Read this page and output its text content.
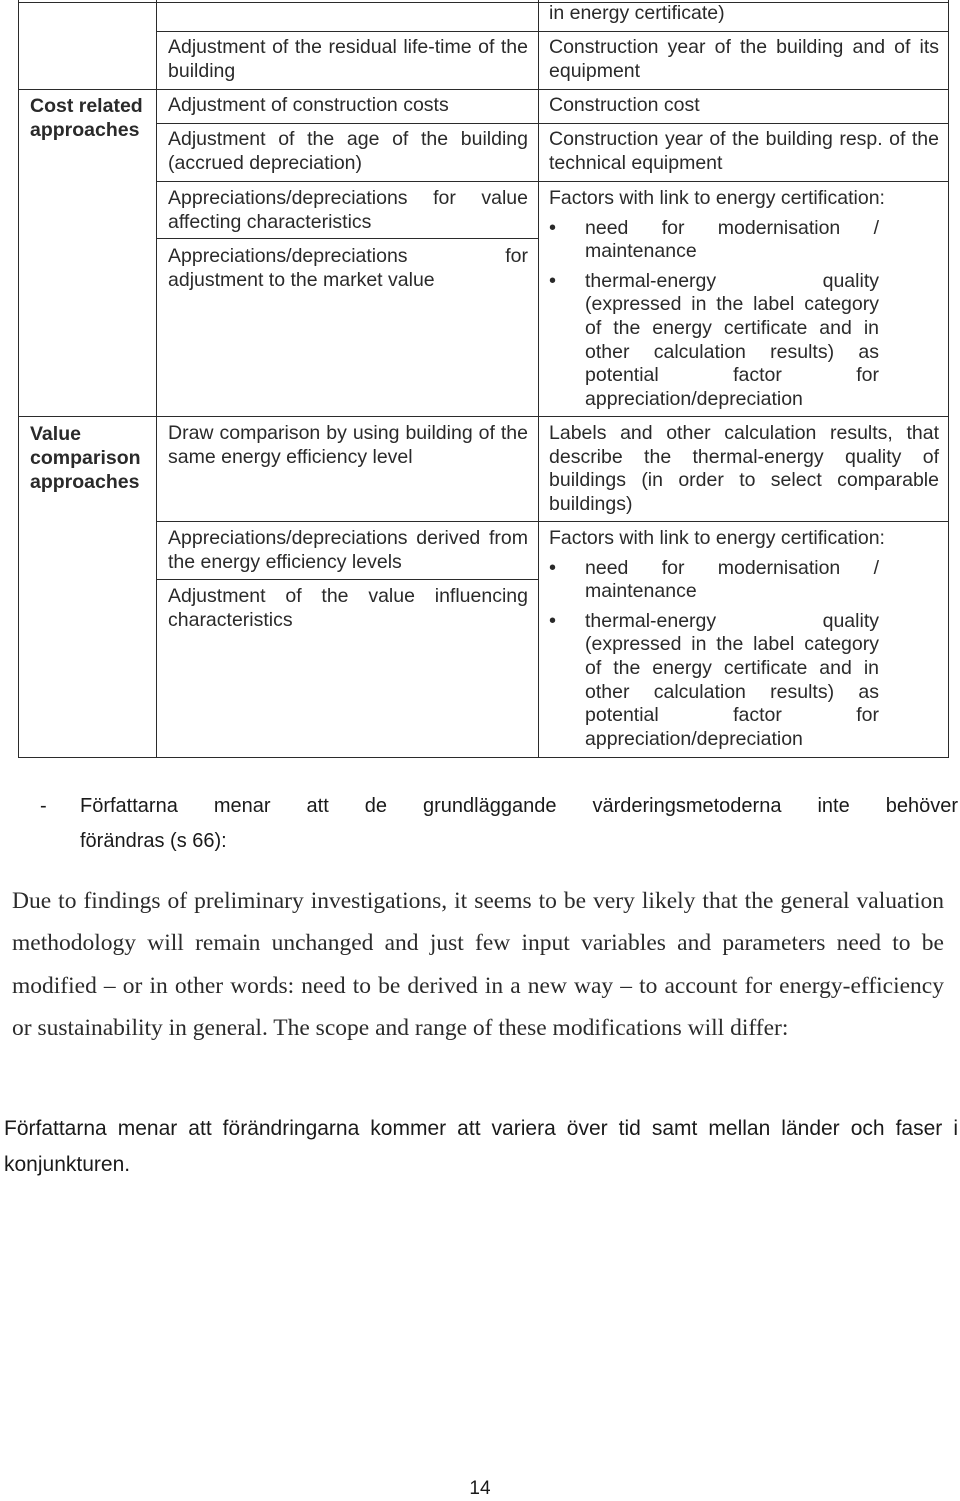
Cost related approaches
Value comparison approaches
in energy certificate)
Adjustment of the residual life-time of the building
Construction year of the building and of its equipment
Adjustment of construction costs	Construction cost
Adjustment of the age of the building (accrued depreciation)
Construction year of the building resp. of the technical equipment
Appreciations/depreciations for value affecting characteristics
Appreciations/depreciations for adjustment to the market value
Factors with link to energy certification:
• need for modernisation / maintenance
• thermal-energy quality (expressed in the label category of the energy certificate and in other calculation results) as potential factor for appreciation/depreciation
Draw comparison by using building of the same energy efficiency level
Labels and other calculation results, that describe the thermal-energy quality of buildings (in order to select comparable buildings)
Appreciations/depreciations derived from the energy efficiency levels
Adjustment of the value influencing characteristics
Factors with link to energy certification:
• need for modernisation / maintenance
• thermal-energy quality (expressed in the label category of the energy certificate and in other calculation results) as potential factor for appreciation/depreciation
- Författarna menar att de grundläggande värderingsmetoderna inte behöver
förändras (s 66):
Due to findings of preliminary investigations, it seems to be very likely that the general valuation methodology will remain unchanged and just few input variables and parameters need to be modified – or in other words: need to be derived in a new way – to account for energy-efficiency or sustainability in general. The scope and range of these modifications will differ:
Författarna menar att förändringarna kommer att variera över tid samt mellan länder och faser i konjunkturen.
14
